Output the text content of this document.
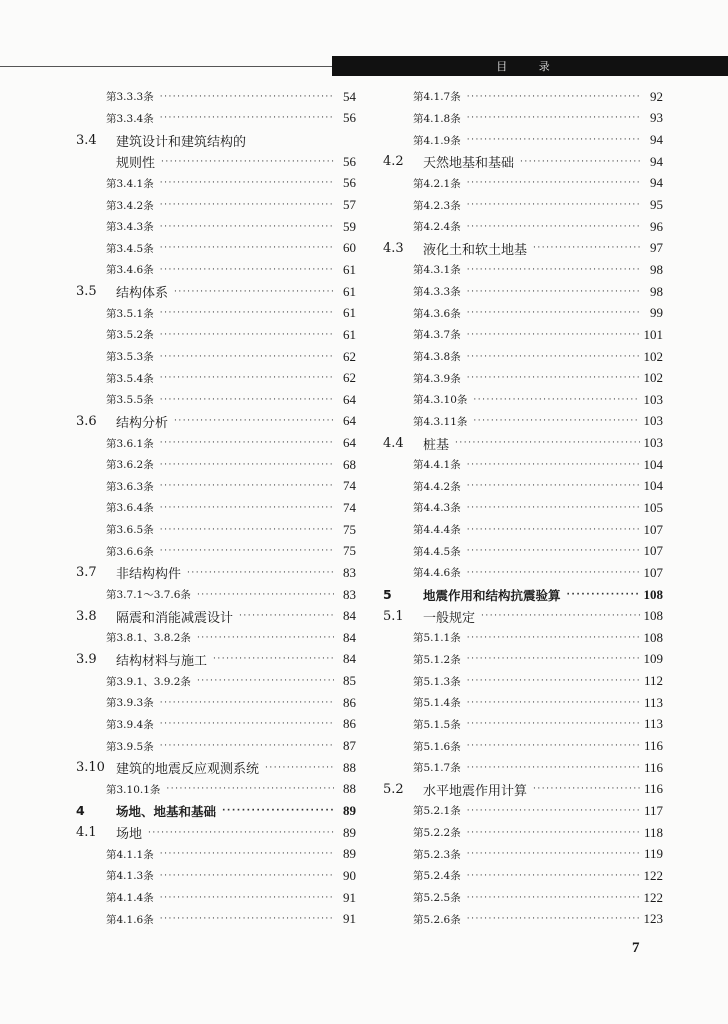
目 录
第3.3.3条 ·····	54
第3.3.4条 ·····	56
3.4	建筑设计和建筑结构的
规则性 ·····	56
第3.4.1条 ·····	56
第3.4.2条 ·····	57
第3.4.3条 ·····	59
第3.4.5条 ·····	60
第3.4.6条 ·····	61
3.5	结构体系 ·····	61
第3.5.1条 ·····	61
第3.5.2条 ·····	61
第3.5.3条 ·····	62
第3.5.4条 ·····	62
第3.5.5条 ·····	64
3.6	结构分析 ·····	64
第3.6.1条 ·····	64
第3.6.2条 ·····	68
第3.6.3条 ·····	74
第3.6.4条 ·····	74
第3.6.5条 ·····	75
第3.6.6条 ·····	75
3.7	非结构构件 ·····	83
第3.7.1～3.7.6条 ·····	83
3.8	隔震和消能减震设计 ·····	84
第3.8.1、3.8.2条 ·····	84
3.9	结构材料与施工 ·····	84
第3.9.1、3.9.2条 ·····	85
第3.9.3条 ·····	86
第3.9.4条 ·····	86
第3.9.5条 ·····	87
3.10 建筑的地震反应观测系统 ·····	88
第3.10.1条 ·····	88
4	场地、地基和基础 ·····	89
4.1	场地 ·····	89
第4.1.1条 ·····	89
第4.1.3条 ·····	90
第4.1.4条 ·····	91
第4.1.6条 ·····	91
第4.1.7条 ·····	92
第4.1.8条 ·····	93
第4.1.9条 ·····	94
4.2	天然地基和基础 ·····	94
第4.2.1条 ·····	94
第4.2.3条 ·····	95
第4.2.4条 ·····	96
4.3	液化土和软土地基 ·····	97
第4.3.1条 ·····	98
第4.3.3条 ·····	98
第4.3.6条 ·····	99
第4.3.7条 ·····	101
第4.3.8条 ·····	102
第4.3.9条 ·····	102
第4.3.10条 ·····	103
第4.3.11条 ·····	103
4.4	桩基 ·····	103
第4.4.1条 ·····	104
第4.4.2条 ·····	104
第4.4.3条 ·····	105
第4.4.4条 ·····	107
第4.4.5条 ·····	107
第4.4.6条 ·····	107
5	地震作用和结构抗震验算 ·····	108
5.1	一般规定 ·····	108
第5.1.1条 ·····	108
第5.1.2条 ·····	109
第5.1.3条 ·····	112
第5.1.4条 ·····	113
第5.1.5条 ·····	113
第5.1.6条 ·····	116
第5.1.7条 ·····	116
5.2	水平地震作用计算 ·····	116
第5.2.1条 ·····	117
第5.2.2条 ·····	118
第5.2.3条 ·····	119
第5.2.4条 ·····	122
第5.2.5条 ·····	122
第5.2.6条 ·····	123
7
